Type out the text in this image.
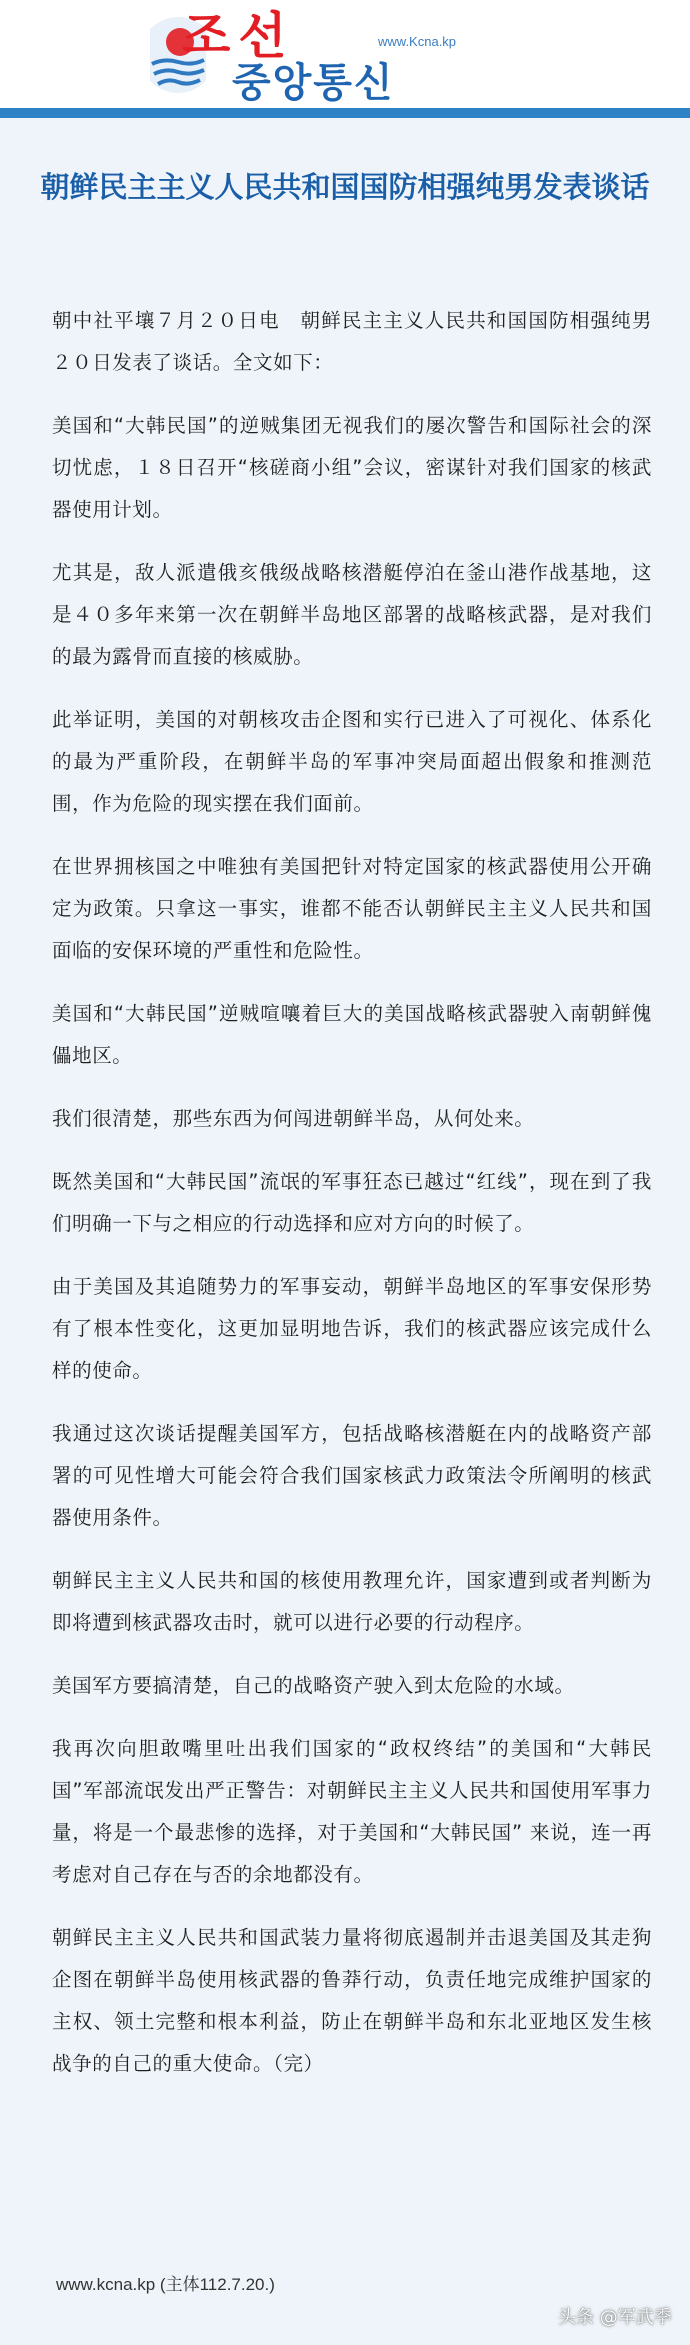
조선	www.Kcna.kp
중앙통신
朝鲜民主主义人民共和国国防相强纯男发表谈话

朝中社平壤７月２０日电　朝鲜民主主义人民共和国国防相强纯男２０日发表了谈话。全文如下：

美国和“大韩民国”的逆贼集团无视我们的屡次警告和国际社会的深切忧虑，１８日召开“核磋商小组”会议，密谋针对我们国家的核武器使用计划。

尤其是，敌人派遣俄亥俄级战略核潜艇停泊在釜山港作战基地，这是４０多年来第一次在朝鲜半岛地区部署的战略核武器，是对我们的最为露骨而直接的核威胁。

此举证明，美国的对朝核攻击企图和实行已进入了可视化、体系化的最为严重阶段，在朝鲜半岛的军事冲突局面超出假象和推测范围，作为危险的现实摆在我们面前。

在世界拥核国之中唯独有美国把针对特定国家的核武器使用公开确定为政策。只拿这一事实，谁都不能否认朝鲜民主主义人民共和国面临的安保环境的严重性和危险性。

美国和“大韩民国”逆贼喧嚷着巨大的美国战略核武器驶入南朝鲜傀儡地区。

我们很清楚，那些东西为何闯进朝鲜半岛，从何处来。

既然美国和“大韩民国”流氓的军事狂态已越过“红线”，现在到了我们明确一下与之相应的行动选择和应对方向的时候了。

由于美国及其追随势力的军事妄动，朝鲜半岛地区的军事安保形势有了根本性变化，这更加显明地告诉，我们的核武器应该完成什么样的使命。

我通过这次谈话提醒美国军方，包括战略核潜艇在内的战略资产部署的可见性增大可能会符合我们国家核武力政策法令所阐明的核武器使用条件。

朝鲜民主主义人民共和国的核使用教理允许，国家遭到或者判断为即将遭到核武器攻击时，就可以进行必要的行动程序。

美国军方要搞清楚，自己的战略资产驶入到太危险的水域。

我再次向胆敢嘴里吐出我们国家的“政权终结”的美国和“大韩民国”军部流氓发出严正警告：对朝鲜民主主义人民共和国使用军事力量，将是一个最悲惨的选择，对于美国和“大韩民国” 来说，连一再考虑对自己存在与否的余地都没有。

朝鲜民主主义人民共和国武装力量将彻底遏制并击退美国及其走狗企图在朝鲜半岛使用核武器的鲁莽行动，负责任地完成维护国家的主权、领土完整和根本利益，防止在朝鲜半岛和东北亚地区发生核战争的自己的重大使命。（完）

www.kcna.kp (主体112.7.20.)
头条 @军武季
